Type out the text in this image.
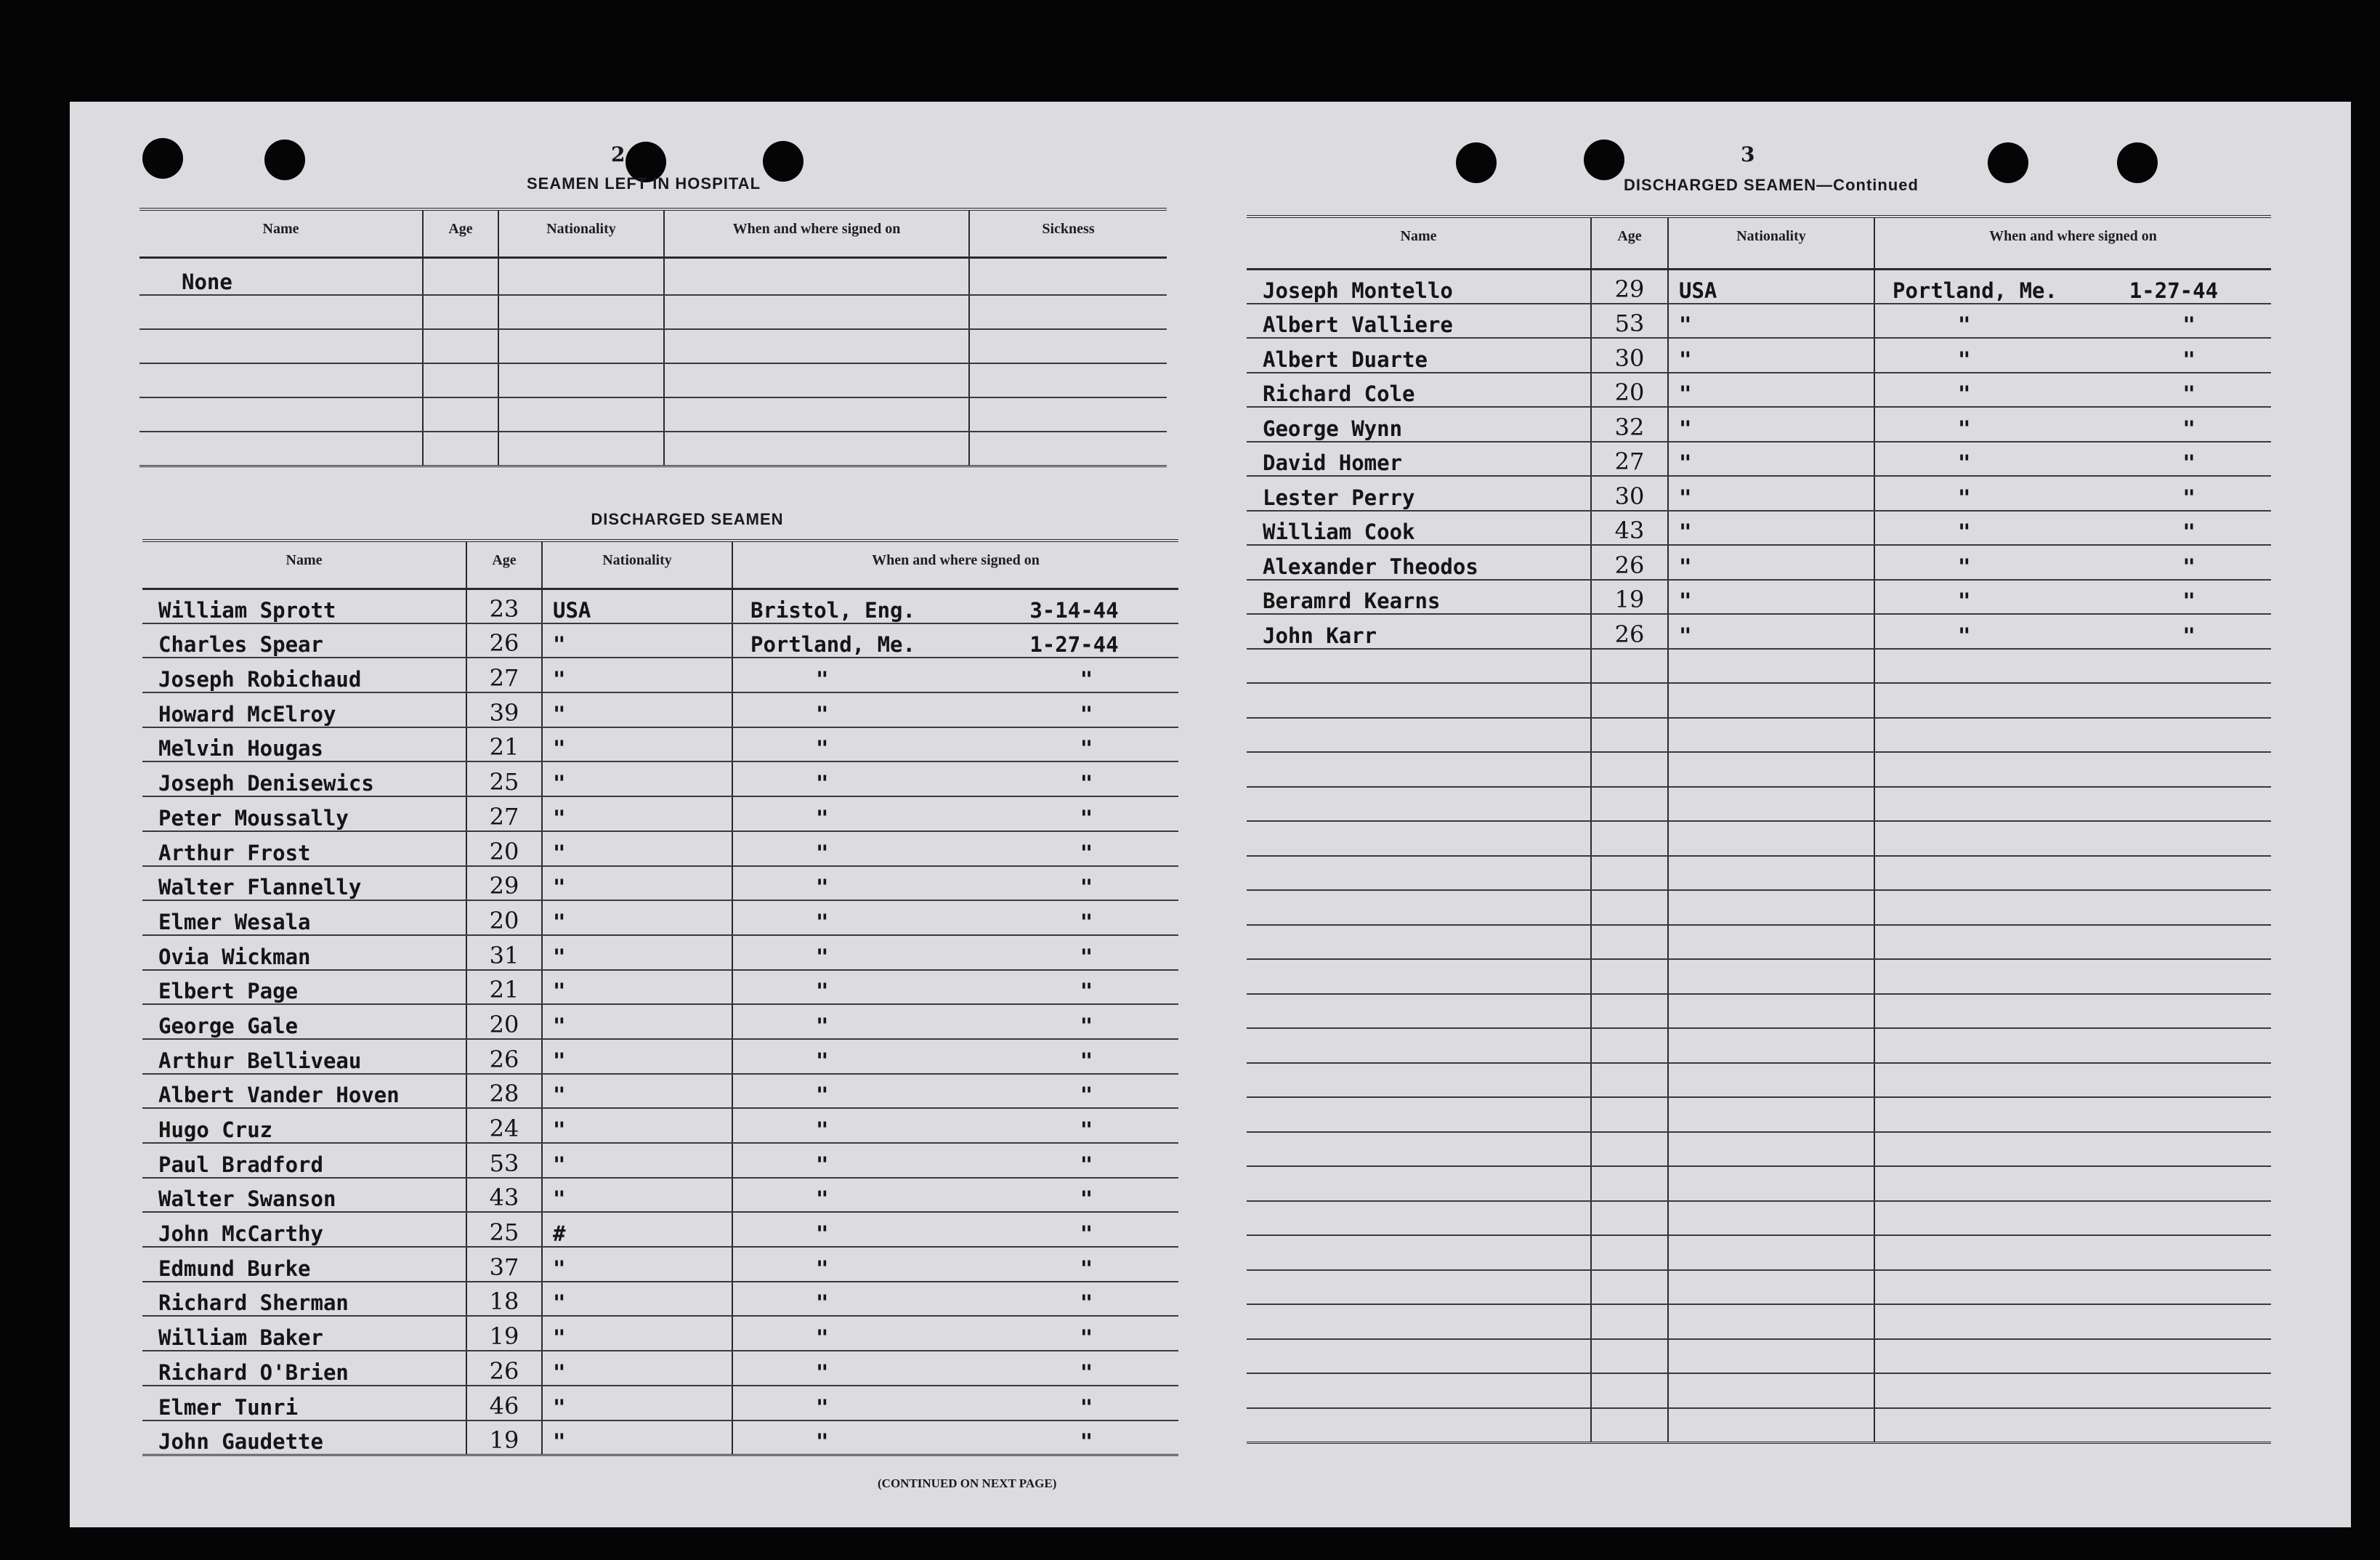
2
SEAMEN LEFT IN HOSPITAL
Name	Age	Nationality	When and where signed on	Sickness
None				

DISCHARGED SEAMEN
Name	Age	Nationality	When and where signed on
William Sprott	23	USA	Bristol, Eng. 3-14-44

Charles Spear	26	"	Portland, Me. 1-27-44

Joseph Robichaud	27	"	" "

Howard McElroy	39	"	" "

Melvin Hougas	21	"	" "

Joseph Denisewics	25	"	" "

Peter Moussally	27	"	" "

Arthur Frost	20	"	" "

Walter Flannelly	29	"	" "

Elmer Wesala	20	"	" "

Ovia Wickman	31	"	" "

Elbert Page	21	"	" "

George Gale	20	"	" "

Arthur Belliveau	26	"	" "

Albert Vander Hoven	28	"	" "

Hugo Cruz	24	"	" "

Paul Bradford	53	"	" "

Walter Swanson	43	"	" "

John McCarthy	25	#	" "

Edmund Burke	37	"	" "

Richard Sherman	18	"	" "

William Baker	19	"	" "

Richard O'Brien	26	"	" "

Elmer Tunri	46	"	" "

John Gaudette	19	"	" "
(CONTINUED ON NEXT PAGE)
3
DISCHARGED SEAMEN—Continued
Name	Age	Nationality	When and where signed on
Joseph Montello	29	USA	Portland, Me. 1-27-44

Albert Valliere	53	"	" "

Albert Duarte	30	"	" "

Richard Cole	20	"	" "

George Wynn	32	"	" "

David Homer	27	"	" "

Lester Perry	30	"	" "

William Cook	43	"	" "

Alexander Theodos	26	"	" "

Beramrd Kearns	19	"	" "

John Karr	26	"	" "
